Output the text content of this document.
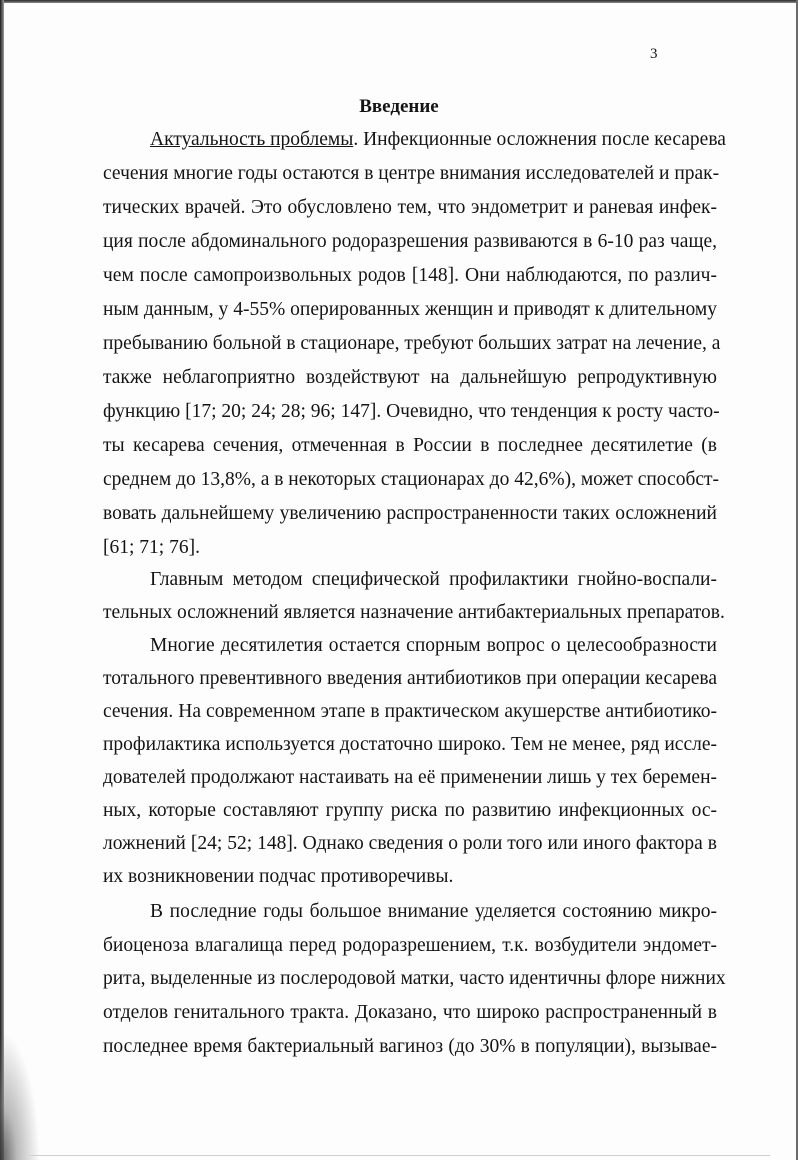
3
Введение
Актуальность проблемы. Инфекционные осложнения после кесарева
сечения многие годы остаются в центре внимания исследователей и прак-
тических врачей. Это обусловлено тем, что эндометрит и раневая инфек-
ция после абдоминального родоразрешения развиваются в 6-10 раз чаще,
чем после самопроизвольных родов [148]. Они наблюдаются, по различ-
ным данным, у 4-55% оперированных женщин и приводят к длительному
пребыванию больной в стационаре, требуют больших затрат на лечение, а
также неблагоприятно воздействуют на дальнейшую репродуктивную
функцию [17; 20; 24; 28; 96; 147]. Очевидно, что тенденция к росту часто-
ты кесарева сечения, отмеченная в России в последнее десятилетие (в
среднем до 13,8%, а в некоторых стационарах до 42,6%), может способст-
вовать дальнейшему увеличению распространенности таких осложнений
[61; 71; 76].
Главным методом специфической профилактики гнойно-воспали-
тельных осложнений является назначение антибактериальных препаратов.
Многие десятилетия остается спорным вопрос о целесообразности
тотального превентивного введения антибиотиков при операции кесарева
сечения. На современном этапе в практическом акушерстве антибиотико-
профилактика используется достаточно широко. Тем не менее, ряд иссле-
дователей продолжают настаивать на её применении лишь у тех беремен-
ных, которые составляют группу риска по развитию инфекционных ос-
ложнений [24; 52; 148]. Однако сведения о роли того или иного фактора в
их возникновении подчас противоречивы.
В последние годы большое внимание уделяется состоянию микро-
биоценоза влагалища перед родоразрешением, т.к. возбудители эндомет-
рита, выделенные из послеродовой матки, часто идентичны флоре нижних
отделов генитального тракта. Доказано, что широко распространенный в
последнее время бактериальный вагиноз (до 30% в популяции), вызывае-
